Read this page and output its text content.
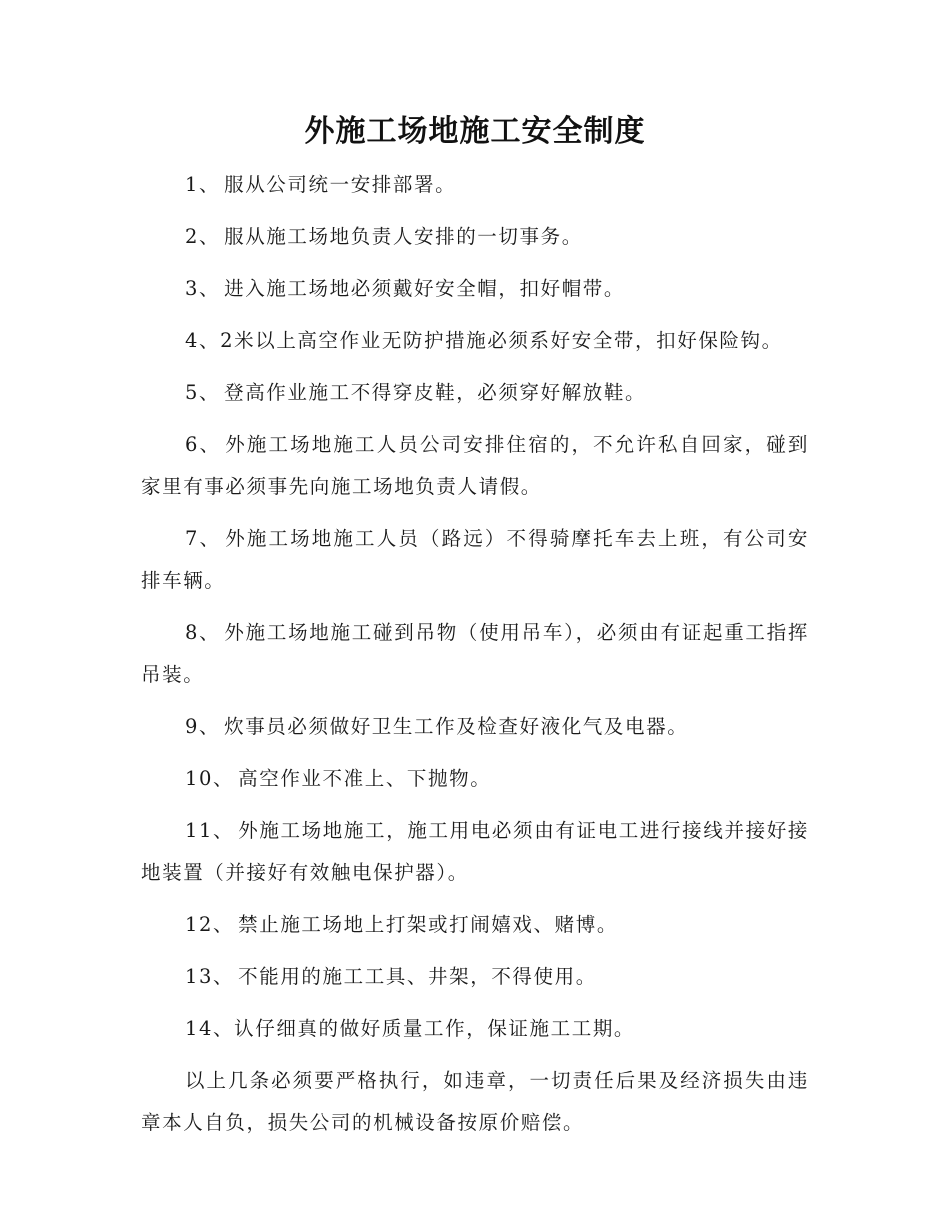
外施工场地施工安全制度

1、 服从公司统一安排部署。

2、 服从施工场地负责人安排的一切事务。

3、 进入施工场地必须戴好安全帽，扣好帽带。

4、2米以上高空作业无防护措施必须系好安全带，扣好保险钩。

5、 登高作业施工不得穿皮鞋，必须穿好解放鞋。

6、 外施工场地施工人员公司安排住宿的，不允许私自回家，碰到家里有事必须事先向施工场地负责人请假。

7、 外施工场地施工人员（路远）不得骑摩托车去上班，有公司安排车辆。

8、 外施工场地施工碰到吊物（使用吊车），必须由有证起重工指挥吊装。

9、 炊事员必须做好卫生工作及检查好液化气及电器。

10、 高空作业不准上、下抛物。

11、 外施工场地施工，施工用电必须由有证电工进行接线并接好接地装置（并接好有效触电保护器）。

12、 禁止施工场地上打架或打闹嬉戏、赌博。

13、 不能用的施工工具、井架，不得使用。

14、认仔细真的做好质量工作，保证施工工期。

以上几条必须要严格执行，如违章，一切责任后果及经济损失由违章本人自负，损失公司的机械设备按原价赔偿。
